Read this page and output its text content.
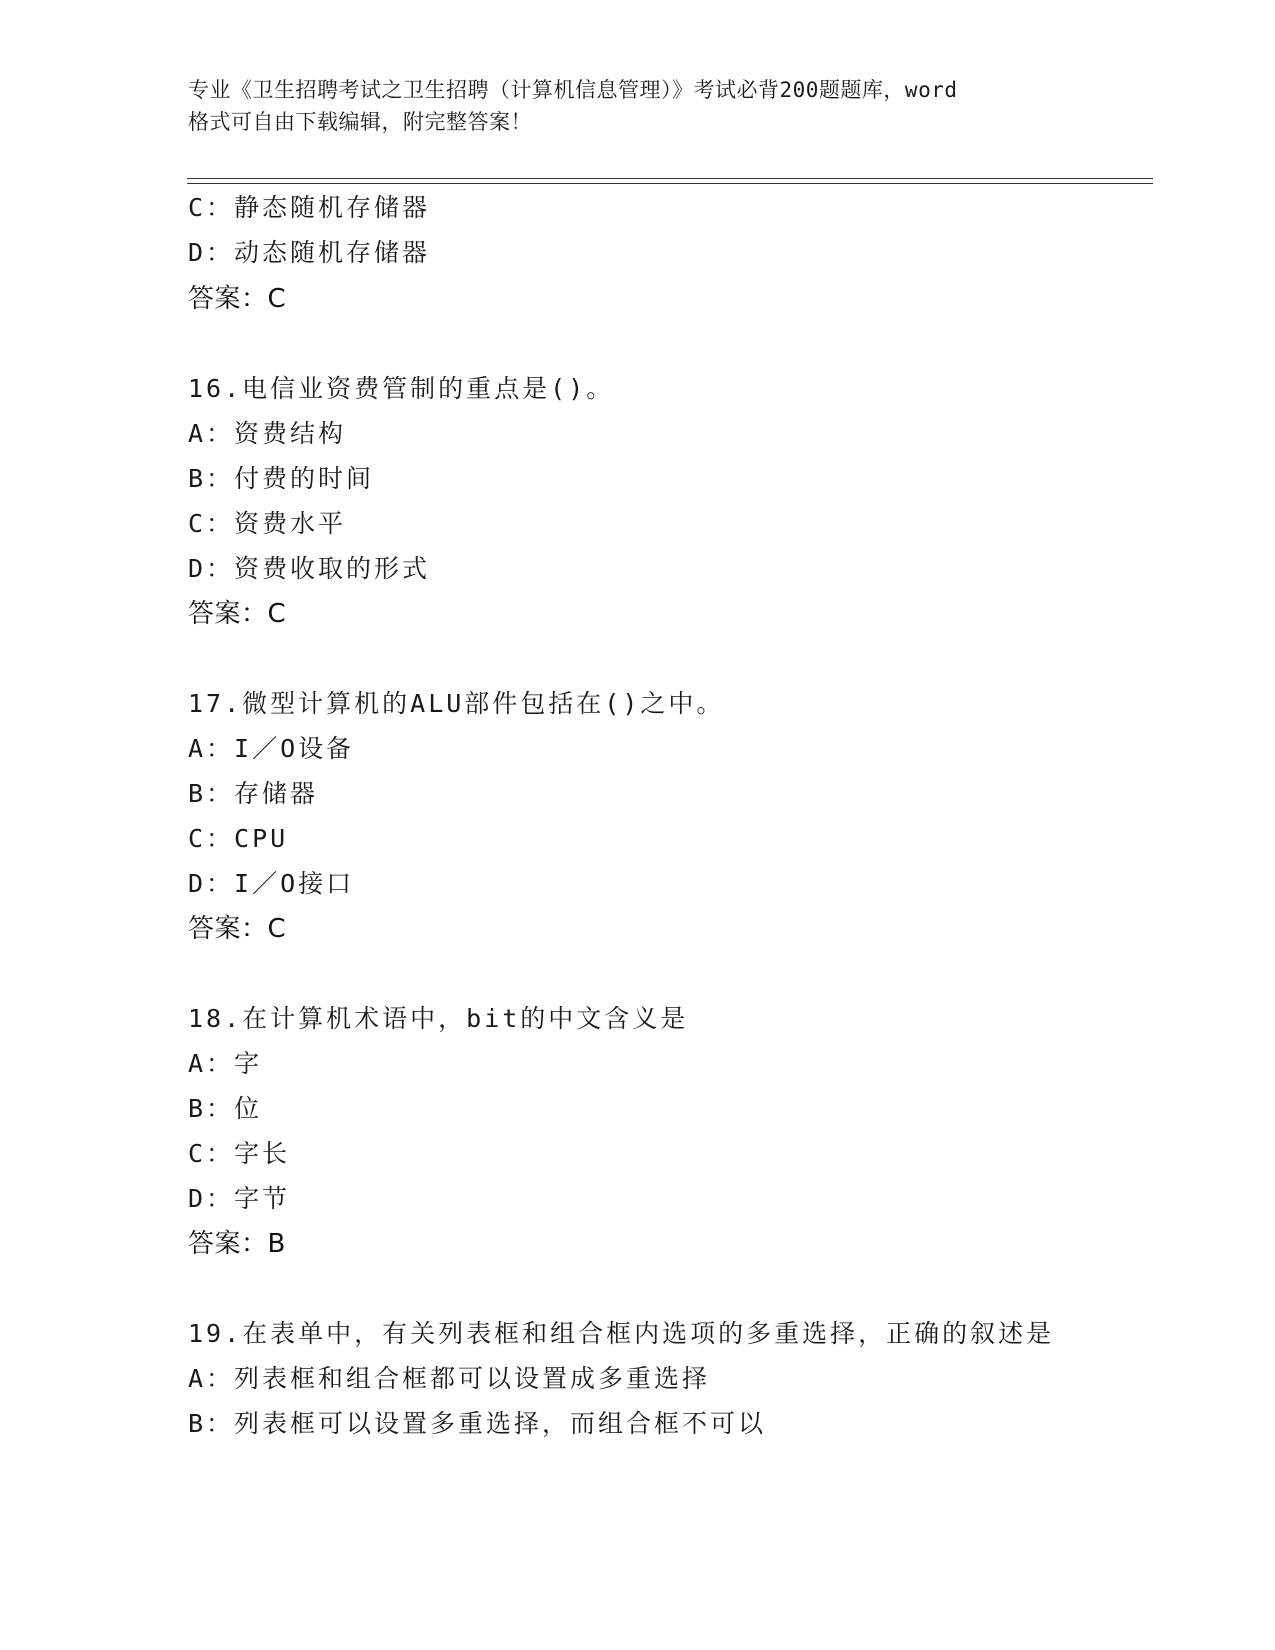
专业《卫生招聘考试之卫生招聘（计算机信息管理）》考试必背200题题库，word
格式可自由下载编辑，附完整答案！
C：静态随机存储器
D：动态随机存储器
答案：C
16.电信业资费管制的重点是()。
A：资费结构
B：付费的时间
C：资费水平
D：资费收取的形式
答案：C
17.微型计算机的ALU部件包括在()之中。
A：I／O设备
B：存储器
C：CPU
D：I／O接口
答案：C
18.在计算机术语中，bit的中文含义是
A：字
B：位
C：字长
D：字节
答案：B
19.在表单中，有关列表框和组合框内选项的多重选择，正确的叙述是
A：列表框和组合框都可以设置成多重选择
B：列表框可以设置多重选择，而组合框不可以
